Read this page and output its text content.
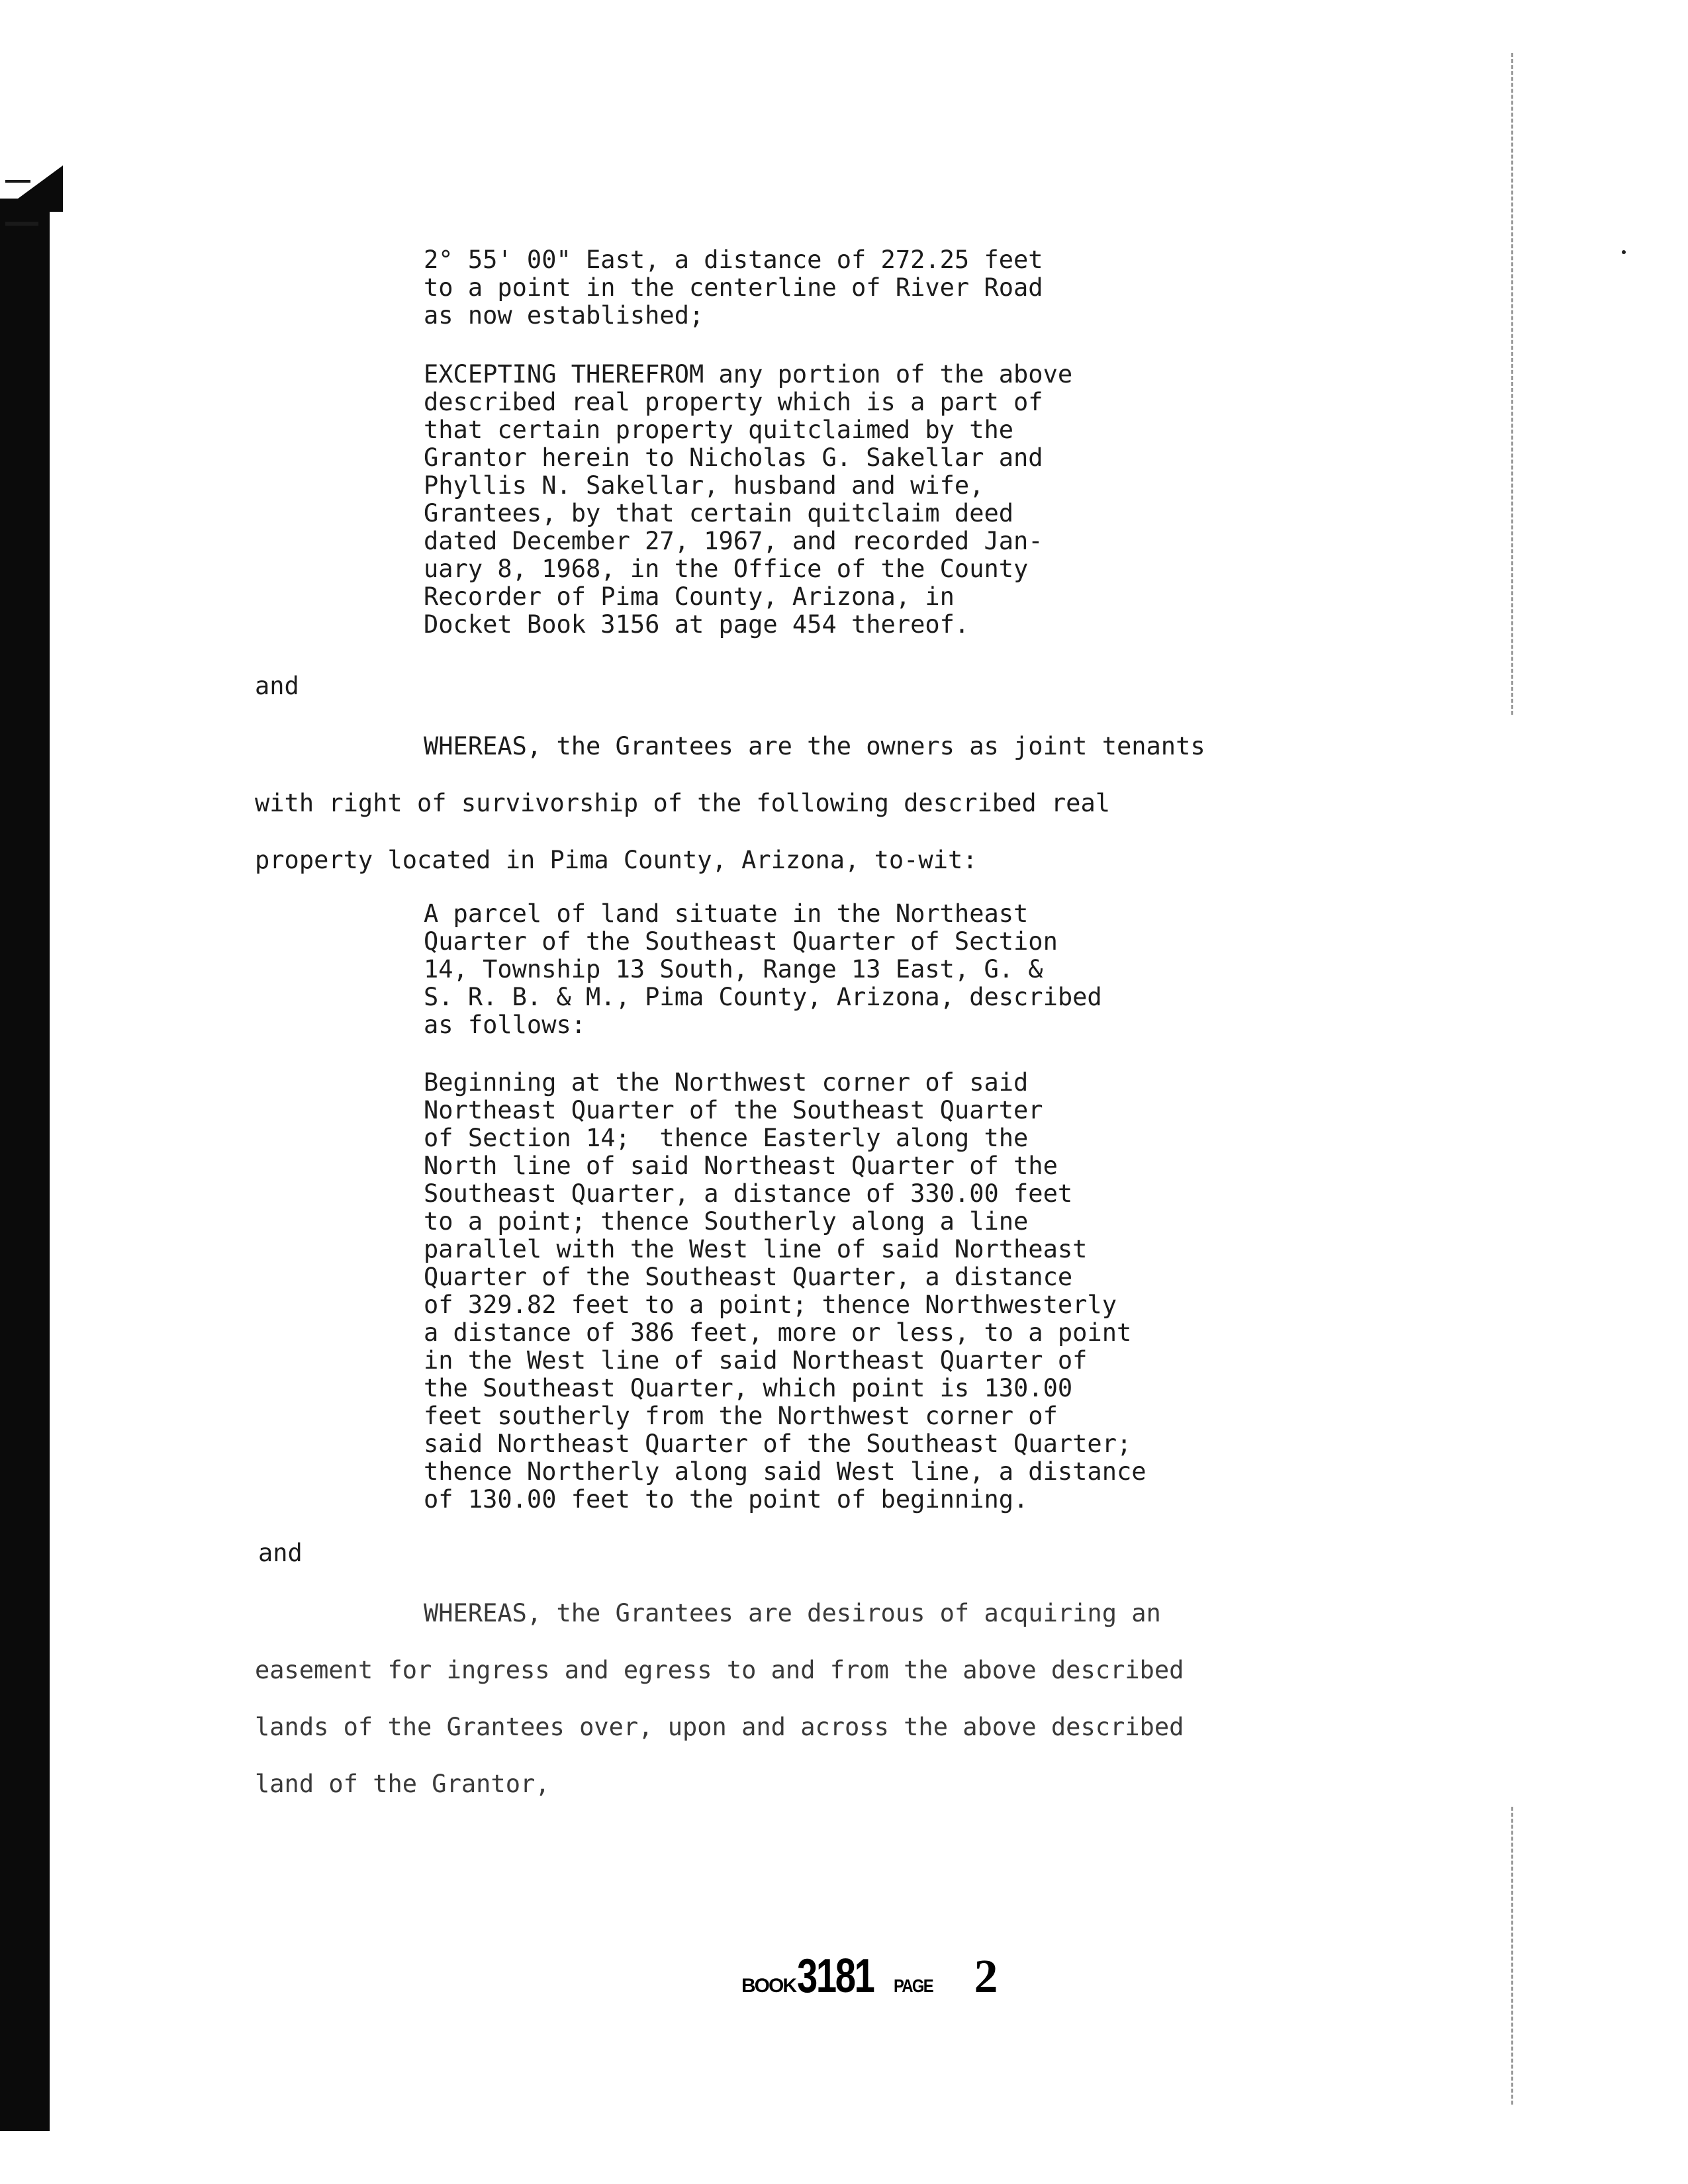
2° 55' 00" East, a distance of 272.25 feet
to a point in the centerline of River Road
as now established;
EXCEPTING THEREFROM any portion of the above
described real property which is a part of
that certain property quitclaimed by the
Grantor herein to Nicholas G. Sakellar and
Phyllis N. Sakellar, husband and wife,
Grantees, by that certain quitclaim deed
dated December 27, 1967, and recorded Jan-
uary 8, 1968, in the Office of the County
Recorder of Pima County, Arizona, in
Docket Book 3156 at page 454 thereof.

and

WHEREAS, the Grantees are the owners as joint tenants
with right of survivorship of the following described real
property located in Pima County, Arizona, to-wit:
A parcel of land situate in the Northeast
Quarter of the Southeast Quarter of Section
14, Township 13 South, Range 13 East, G. &
S. R. B. & M., Pima County, Arizona, described
as follows:
Beginning at the Northwest corner of said
Northeast Quarter of the Southeast Quarter
of Section 14;  thence Easterly along the
North line of said Northeast Quarter of the
Southeast Quarter, a distance of 330.00 feet
to a point; thence Southerly along a line
parallel with the West line of said Northeast
Quarter of the Southeast Quarter, a distance
of 329.82 feet to a point; thence Northwesterly
a distance of 386 feet, more or less, to a point
in the West line of said Northeast Quarter of
the Southeast Quarter, which point is 130.00
feet southerly from the Northwest corner of
said Northeast Quarter of the Southeast Quarter;
thence Northerly along said West line, a distance
of 130.00 feet to the point of beginning.

and

WHEREAS, the Grantees are desirous of acquiring an
easement for ingress and egress to and from the above described
lands of the Grantees over, upon and across the above described
land of the Grantor,
BOOK 3181 PAGE 2
